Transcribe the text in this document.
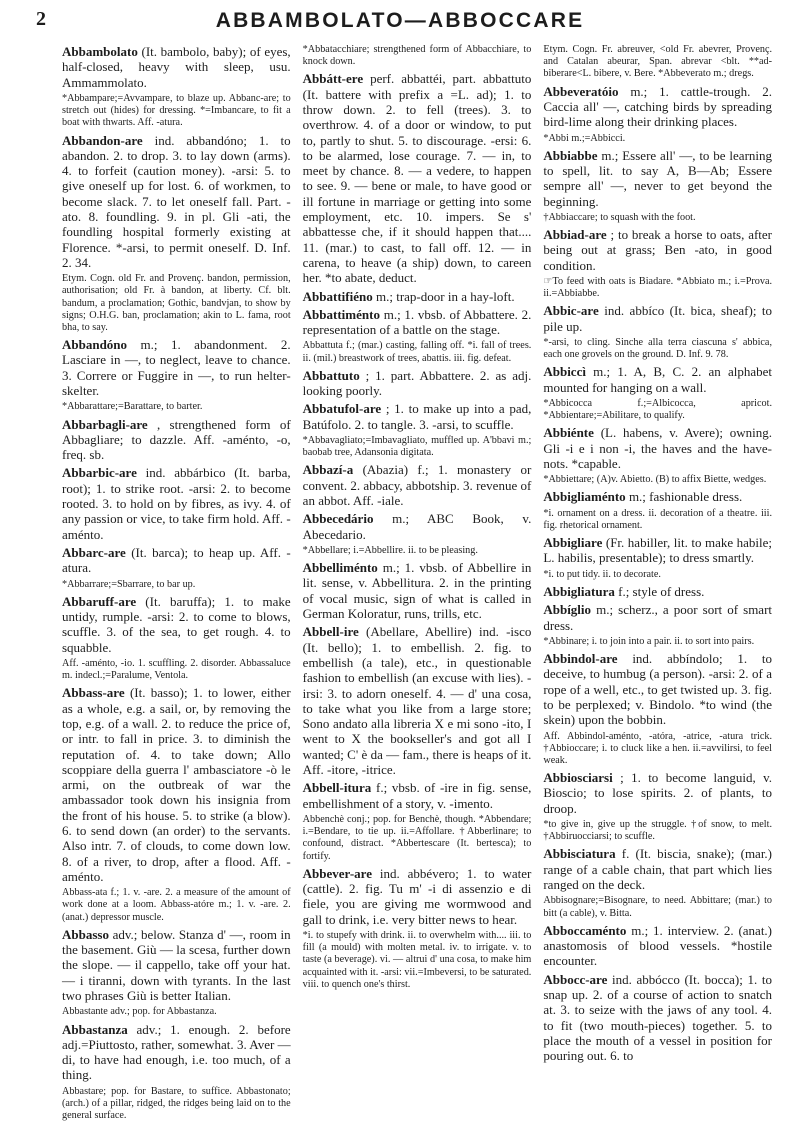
2	ABBAMBOLATO—ABBOCCARE

Abbambolato (It. bambolo, baby); of eyes, half-closed, heavy with sleep, usu. Ammammolato.

*Abbampare;=Avvampare, to blaze up. Abbanc-are; to stretch out (hides) for dressing. *=Imbancare, to fit a boat with thwarts. Aff. -atura.

Abbandon-are ind. abbandóno; 1. to abandon. 2. to drop. 3. to lay down (arms). 4. to forfeit (caution money). -arsi: 5. to give oneself up for lost. 6. of workmen, to become slack. 7. to let oneself fall. Part. -ato. 8. foundling. 9. in pl. Gli -ati, the foundling hospital formerly existing at Florence. *-arsi, to permit oneself. D. Inf. 2. 34.

Etym. Cogn. old Fr. and Provenç. bandon, permission, authorisation; old Fr. à bandon, at liberty. Cf. blt. bandum, a proclamation; Gothic, bandvjan, to show by signs; O.H.G. ban, proclamation; akin to L. fama, root bha, to say.

Abbandóno m.; 1. abandonment. 2. Lasciare in —, to neglect, leave to chance. 3. Correre or Fuggire in —, to run helter-skelter.

*Abbarattare;=Barattare, to barter.

Abbarbagli-are , strengthened form of Abbagliare; to dazzle. Aff. -aménto, -o, freq. sb.

Abbarbic-are ind. abbárbico (It. barba, root); 1. to strike root. -arsi: 2. to become rooted. 3. to hold on by fibres, as ivy. 4. of any passion or vice, to take firm hold. Aff. -aménto.

Abbarc-are (It. barca); to heap up. Aff. -atura.

*Abbarrare;=Sbarrare, to bar up.

Abbaruff-are (It. baruffa); 1. to make untidy, rumple. -arsi: 2. to come to blows, scuffle. 3. of the sea, to get rough. 4. to squabble.

Aff. -aménto, -io. 1. scuffling. 2. disorder. Abbassaluce m. indecl.;=Paralume, Ventola.

Abbass-are (It. basso); 1. to lower, either as a whole, e.g. a sail, or, by removing the top, e.g. of a wall. 2. to reduce the price of, or intr. to fall in price. 3. to diminish the reputation of. 4. to take down; Allo scoppiare della guerra l' ambasciatore -ò le armi, on the outbreak of war the ambassador took down his insignia from the front of his house. 5. to strike (a blow). 6. to send down (an order) to the servants. Also intr. 7. of clouds, to come down low. 8. of a river, to drop, after a flood. Aff. -aménto.

Abbass-ata f.; 1. v. -are. 2. a measure of the amount of work done at a loom. Abbass-atóre m.; 1. v. -are. 2. (anat.) depressor muscle.

Abbasso adv.; below. Stanza d' —, room in the basement. Giù — la scesa, further down the slope. — il cappello, take off your hat. — i tiranni, down with tyrants. In the last two phrases Giù is better Italian.

Abbastante adv.; pop. for Abbastanza.

Abbastanza adv.; 1. enough. 2. before adj.=Piuttosto, rather, somewhat. 3. Aver — di, to have had enough, i.e. too much, of a thing.

Abbastare; pop. for Bastare, to suffice. Abbastonato; (arch.) of a pillar, ridged, the ridges being laid on to the general surface.

*Abbatacchiare; strengthened form of Abbacchiare, to knock down.

Abbátt-ere perf. abbattéi, part. abbattuto (It. battere with prefix a =L. ad); 1. to throw down. 2. to fell (trees). 3. to overthrow. 4. of a door or window, to put to, partly to shut. 5. to discourage. -ersi: 6. to be alarmed, lose courage. 7. — in, to meet by chance. 8. — a vedere, to happen to see. 9. — bene or male, to have good or ill fortune in marriage or getting into some employment, etc. 10. impers. Se s' abbattesse che, if it should happen that.... 11. (mar.) to cast, to fall off. 12. — in carena, to heave (a ship) down, to careen her. *to abate, deduct.

Abbattifiéno m.; trap-door in a hay-loft.

Abbattiménto m.; 1. vbsb. of Abbattere. 2. representation of a battle on the stage.

Abbattuta f.; (mar.) casting, falling off. *i. fall of trees. ii. (mil.) breastwork of trees, abattis. iii. fig. defeat.

Abbattuto ; 1. part. Abbattere. 2. as adj. looking poorly.

Abbatufol-are ; 1. to make up into a pad, Batúfolo. 2. to tangle. 3. -arsi, to scuffle.

*Abbavagliato;=Imbavagliato, muffled up. A'bbavi m.; baobab tree, Adansonia digitata.

Abbazí-a (Abazia) f.; 1. monastery or convent. 2. abbacy, abbotship. 3. revenue of an abbot. Aff. -iale.

Abbecedário m.; ABC Book, v. Abecedario.

*Abbellare; i.=Abbellire. ii. to be pleasing.

Abbelliménto m.; 1. vbsb. of Abbellire in lit. sense, v. Abbellitura. 2. in the printing of vocal music, sign of what is called in German Koloratur, runs, trills, etc.

Abbell-ire (Abellare, Abellire) ind. -isco (It. bello); 1. to embellish. 2. fig. to embellish (a tale), etc., in questionable fashion to embellish (an excuse with lies). -irsi: 3. to adorn oneself. 4. — d' una cosa, to take what you like from a large store; Sono andato alla libreria X e mi sono -ito, I went to X the bookseller's and got all I wanted; C' è da — fam., there is heaps of it. Aff. -itore, -itrice.

Abbell-itura f.; vbsb. of -ire in fig. sense, embellishment of a story, v. -imento.

Abbenchè conj.; pop. for Benchè, though. *Abbendare; i.=Bendare, to tie up. ii.=Affollare. †Abberlinare; to confound, distract. *Abbertescare (It. bertesca); to fortify.

Abbever-are ind. abbévero; 1. to water (cattle). 2. fig. Tu m' -i di assenzio e di fiele, you are giving me wormwood and gall to drink, i.e. very bitter news to hear.

*i. to stupefy with drink. ii. to overwhelm with.... iii. to fill (a mould) with molten metal. iv. to irrigate. v. to taste (a beverage). vi. — altrui d' una cosa, to make him acquainted with it. -arsi: vii.=Imbeversi, to be saturated. viii. to quench one's thirst.

Etym. Cogn. Fr. abreuver, <old Fr. abevrer, Provenç. and Catalan abeurar, Span. abrevar <blt. **ad-biberare<L. bibere, v. Bere. *Abbeverato m.; dregs.

Abbeveratóio m.; 1. cattle-trough. 2. Caccia all' —, catching birds by spreading bird-lime along their drinking places.

*Abbi m.;=Abbicci.

Abbiabbe m.; Essere all' —, to be learning to spell, lit. to say A, B—Ab; Essere sempre all' —, never to get beyond the beginning.

†Abbiaccare; to squash with the foot.

Abbiad-are ; to break a horse to oats, after being out at grass; Ben -ato, in good condition.

☞To feed with oats is Biadare. *Abbiato m.; i.=Prova. ii.=Abbiabbe.

Abbic-are ind. abbíco (It. bica, sheaf); to pile up.

*-arsi, to cling. Sinche alla terra ciascuna s' abbica, each one grovels on the ground. D. Inf. 9. 78.

Abbiccì m.; 1. A, B, C. 2. an alphabet mounted for hanging on a wall.

*Abbicocca f.;=Albicocca, apricot. *Abbientare;=Abilitare, to qualify.

Abbiénte (L. habens, v. Avere); owning. Gli -i e i non -i, the haves and the have-nots. *capable.

*Abbiettare; (A)v. Abietto. (B) to affix Biette, wedges.

Abbigliaménto m.; fashionable dress.

*i. ornament on a dress. ii. decoration of a theatre. iii. fig. rhetorical ornament.

Abbigliare (Fr. habiller, lit. to make habile; L. habilis, presentable); to dress smartly.

*i. to put tidy. ii. to decorate.

Abbigliatura f.; style of dress.

Abbíglio m.; scherz., a poor sort of smart dress.

*Abbinare; i. to join into a pair. ii. to sort into pairs.

Abbindol-are ind. abbíndolo; 1. to deceive, to humbug (a person). -arsi: 2. of a rope of a well, etc., to get twisted up. 3. fig. to be perplexed; v. Bindolo. *to wind (the skein) upon the bobbin.

Aff. Abbindol-aménto, -atóra, -atrice, -atura trick. †Abbioccare; i. to cluck like a hen. ii.=avvilirsi, to feel weak.

Abbiosciarsi ; 1. to become languid, v. Bioscio; to lose spirits. 2. of plants, to droop.

*to give in, give up the struggle. †of snow, to melt. †Abbiruocciarsi; to scuffle.

Abbisciatura f. (It. biscia, snake); (mar.) range of a cable chain, that part which lies ranged on the deck.

Abbisognare;=Bisognare, to need. Abbittare; (mar.) to bitt (a cable), v. Bitta.

Abboccaménto m.; 1. interview. 2. (anat.) anastomosis of blood vessels. *hostile encounter.

Abbocc-are ind. abbócco (It. bocca); 1. to snap up. 2. of a course of action to snatch at. 3. to seize with the jaws of any tool. 4. to fit (two mouth-pieces) together. 5. to place the mouth of a vessel in position for pouring out. 6. to
